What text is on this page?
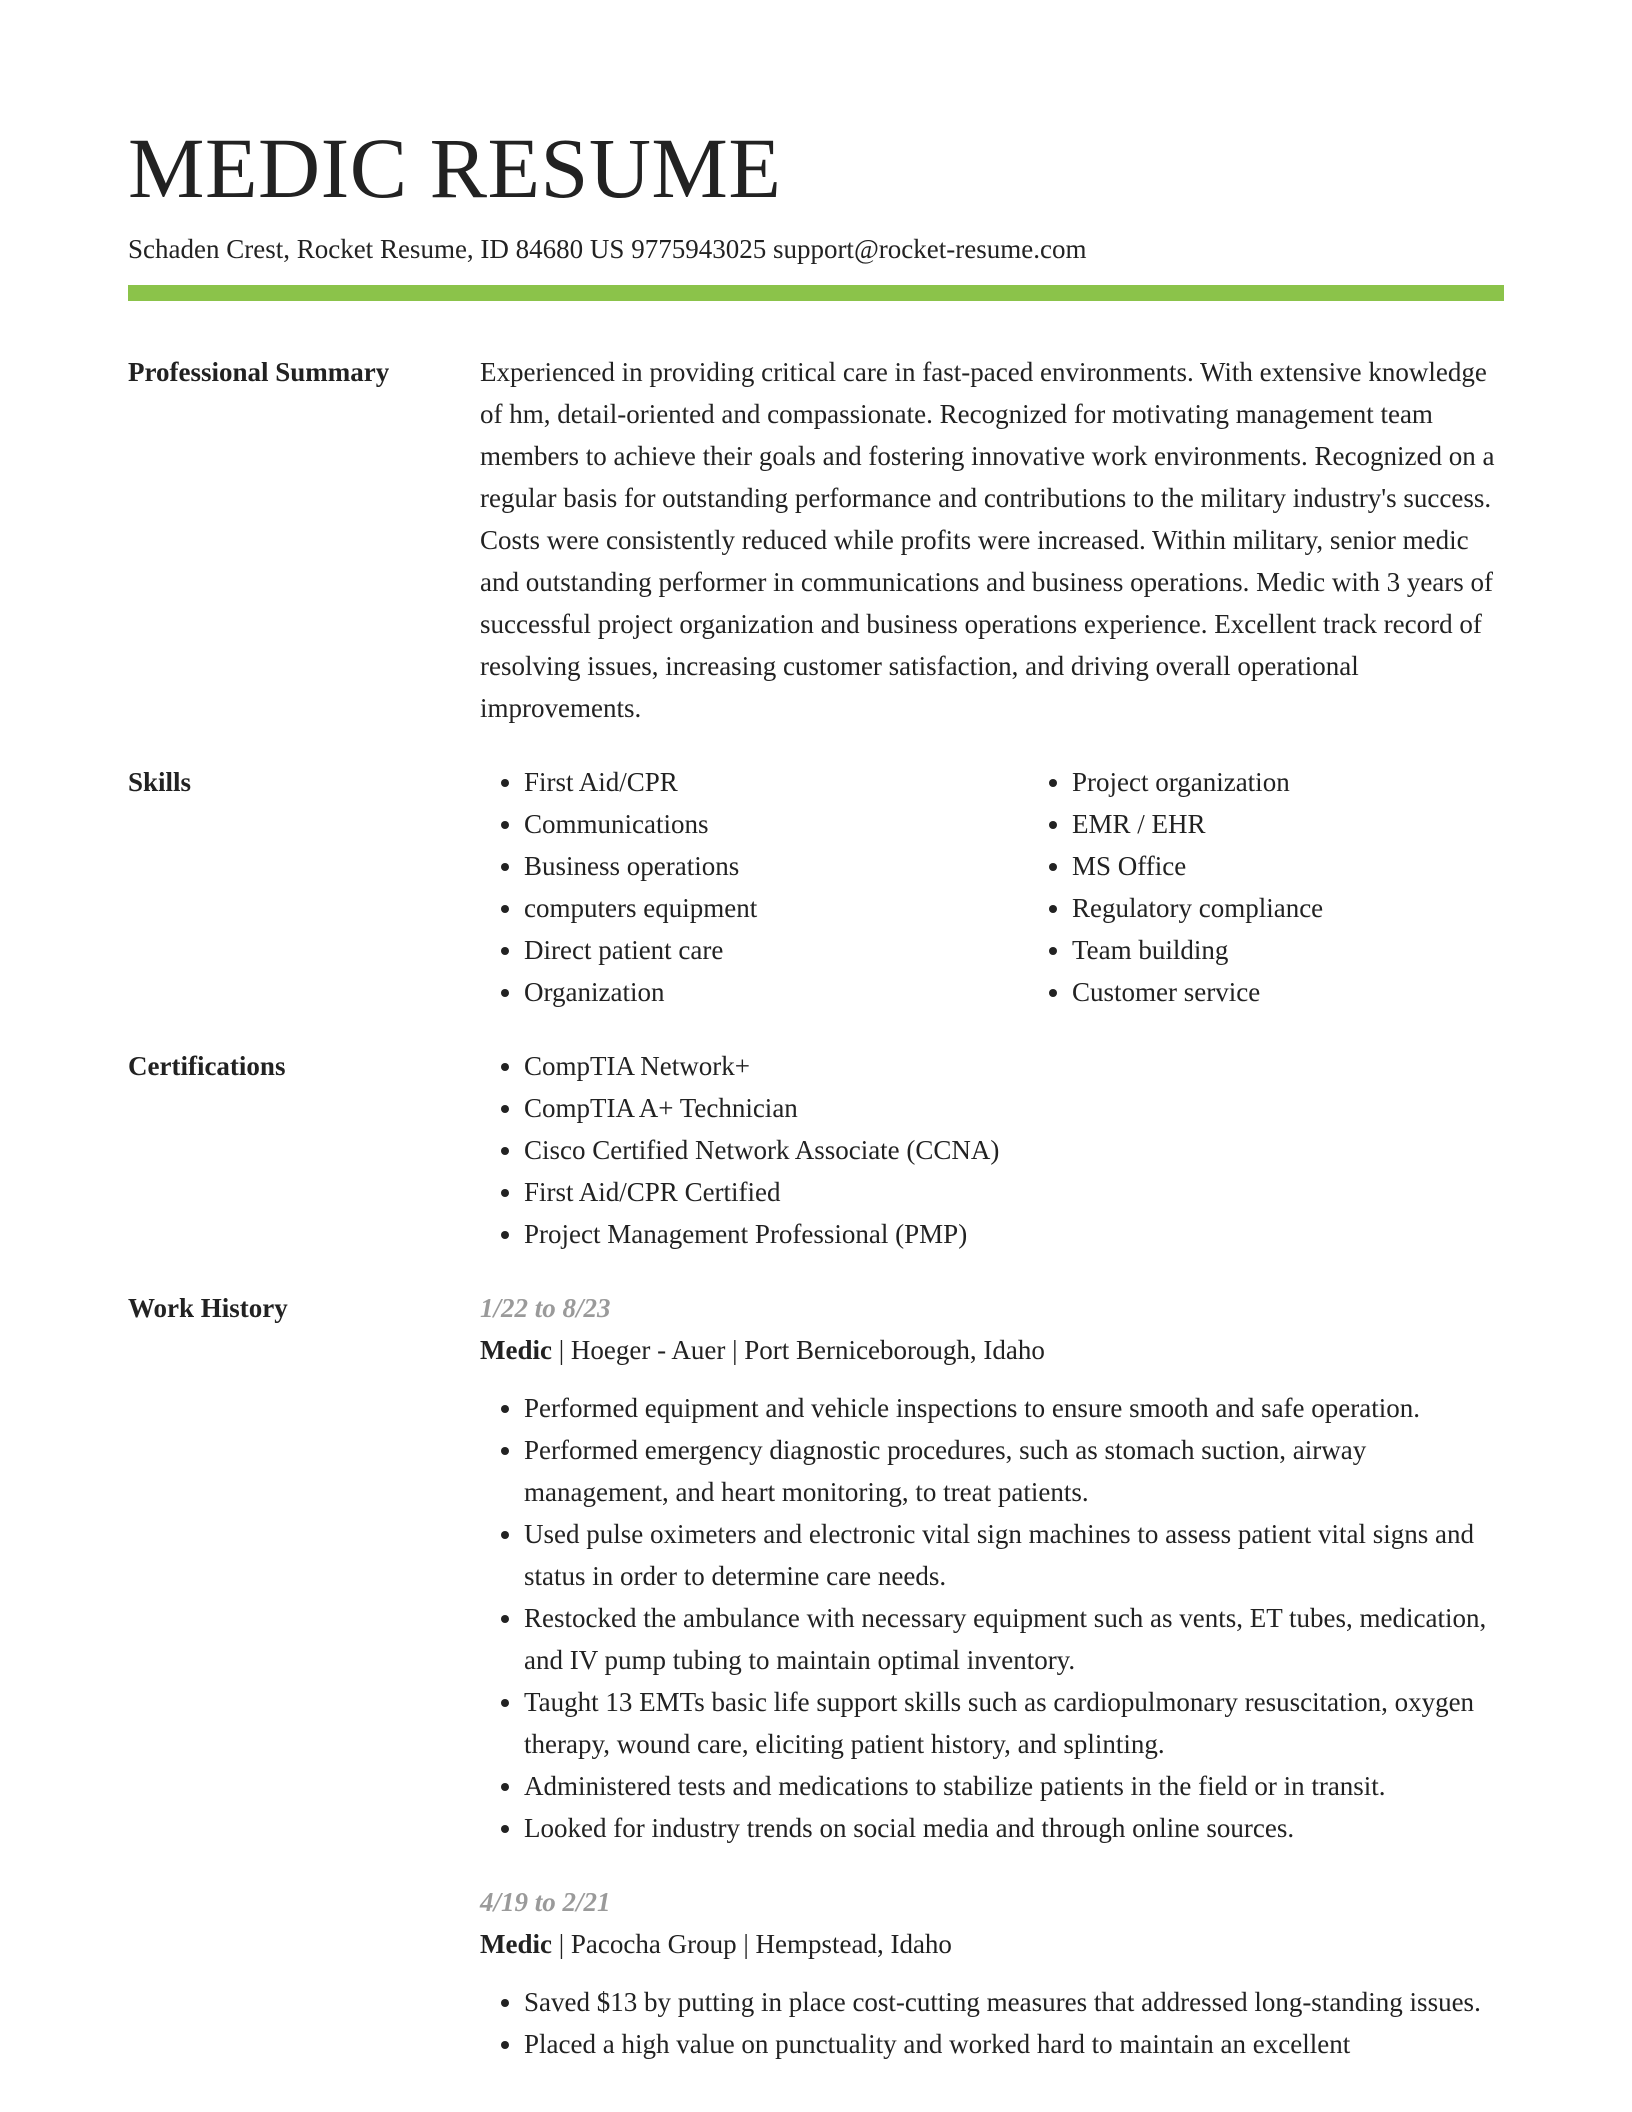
MEDIC RESUME
Schaden Crest, Rocket Resume, ID 84680 US 9775943025 support@rocket-resume.com
Professional Summary	Experienced in providing critical care in fast-paced environments. With extensive knowledge of hm, detail-oriented and compassionate. Recognized for motivating management team members to achieve their goals and fostering innovative work environments. Recognized on a regular basis for outstanding performance and contributions to the military industry's success. Costs were consistently reduced while profits were increased. Within military, senior medic and outstanding performer in communications and business operations. Medic with 3 years of successful project organization and business operations experience. Excellent track record of resolving issues, increasing customer satisfaction, and driving overall operational improvements.
Skills	• First Aid/CPR
• Communications
• Business operations
• computers equipment
• Direct patient care
• Organization
• Project organization
• EMR / EHR
• MS Office
• Regulatory compliance
• Team building
• Customer service
Certifications	• CompTIA Network+
• CompTIA A+ Technician
• Cisco Certified Network Associate (CCNA)
• First Aid/CPR Certified
• Project Management Professional (PMP)
Work History	1/22 to 8/23
Medic | Hoeger - Auer | Port Berniceborough, Idaho
• Performed equipment and vehicle inspections to ensure smooth and safe operation.
• Performed emergency diagnostic procedures, such as stomach suction, airway management, and heart monitoring, to treat patients.
• Used pulse oximeters and electronic vital sign machines to assess patient vital signs and status in order to determine care needs.
• Restocked the ambulance with necessary equipment such as vents, ET tubes, medication, and IV pump tubing to maintain optimal inventory.
• Taught 13 EMTs basic life support skills such as cardiopulmonary resuscitation, oxygen therapy, wound care, eliciting patient history, and splinting.
• Administered tests and medications to stabilize patients in the field or in transit.
• Looked for industry trends on social media and through online sources.
4/19 to 2/21
Medic | Pacocha Group | Hempstead, Idaho
• Saved $13 by putting in place cost-cutting measures that addressed long-standing issues.
• Placed a high value on punctuality and worked hard to maintain an excellent
